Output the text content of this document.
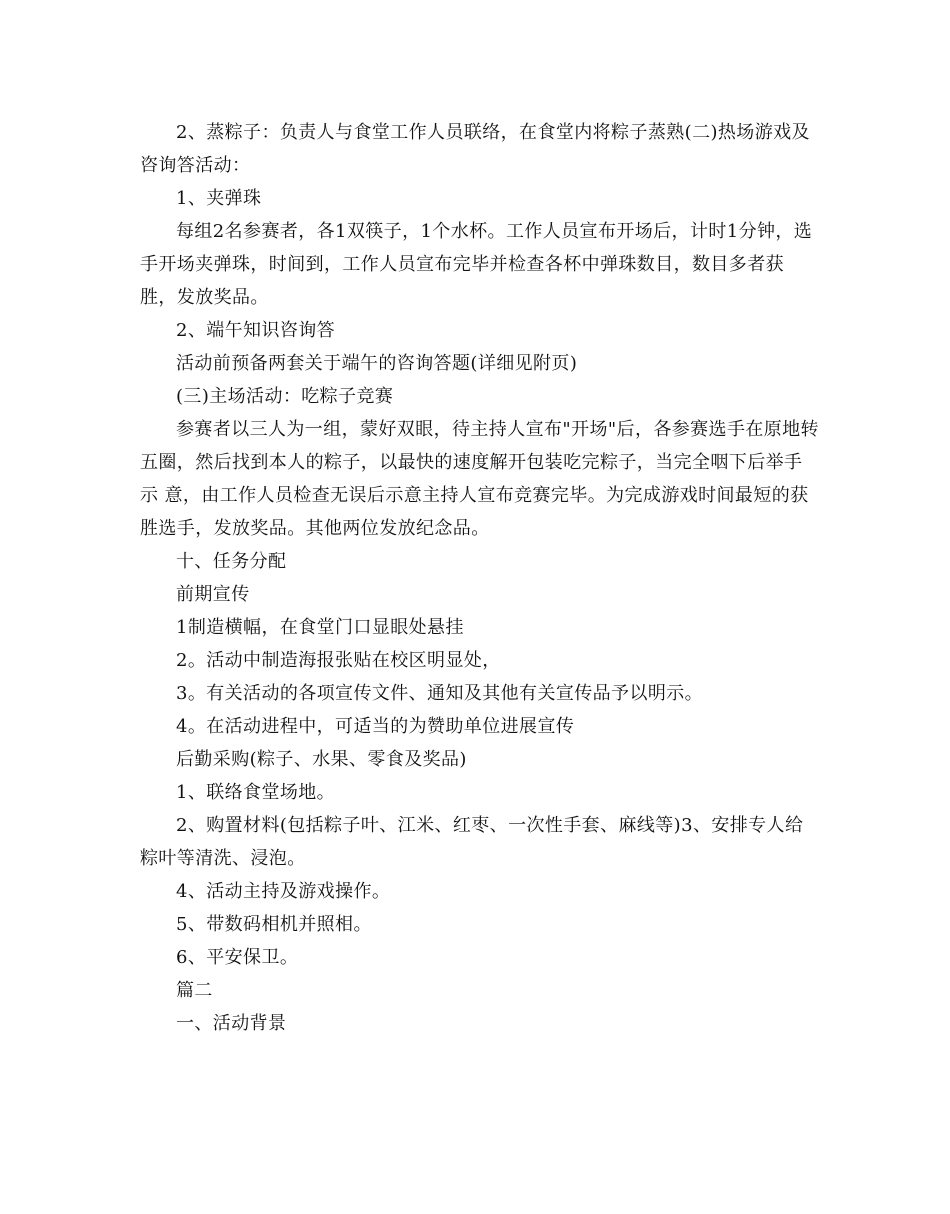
2、蒸粽子：负责人与食堂工作人员联络，在食堂内将粽子蒸熟(二)热场游戏及咨询答活动：

1、夹弹珠

每组2名参赛者，各1双筷子，1个水杯。工作人员宣布开场后，计时1分钟，选手开场夹弹珠，时间到，工作人员宣布完毕并检查各杯中弹珠数目，数目多者获胜，发放奖品。

2、端午知识咨询答

活动前预备两套关于端午的咨询答题(详细见附页)

(三)主场活动：吃粽子竞赛

参赛者以三人为一组，蒙好双眼，待主持人宣布"开场"后，各参赛选手在原地转五圈，然后找到本人的粽子，以最快的速度解开包装吃完粽子，当完全咽下后举手示 意，由工作人员检查无误后示意主持人宣布竞赛完毕。为完成游戏时间最短的获胜选手，发放奖品。其他两位发放纪念品。

十、任务分配

前期宣传

1制造横幅，在食堂门口显眼处悬挂

2。活动中制造海报张贴在校区明显处，

3。有关活动的各项宣传文件、通知及其他有关宣传品予以明示。

4。在活动进程中，可适当的为赞助单位进展宣传

后勤采购(粽子、水果、零食及奖品)

1、联络食堂场地。

2、购置材料(包括粽子叶、江米、红枣、一次性手套、麻线等)3、安排专人给粽叶等清洗、浸泡。

4、活动主持及游戏操作。

5、带数码相机并照相。

6、平安保卫。

篇二

一、活动背景
